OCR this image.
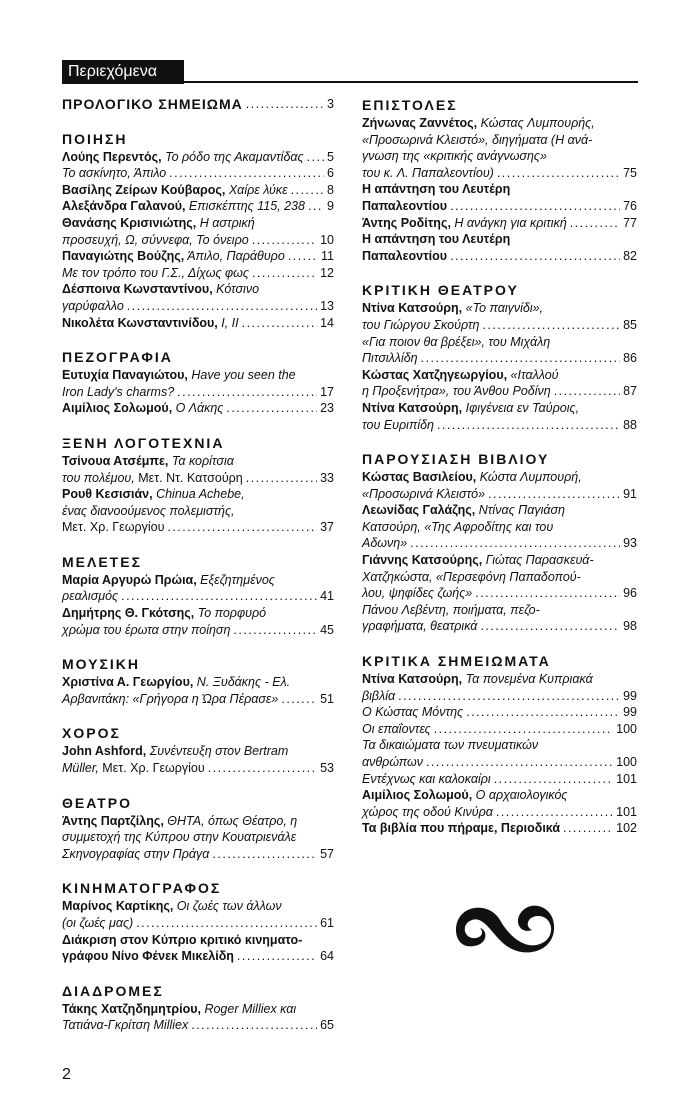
Περιεχόμενα
ΠΡΟΛΟΓΙΚΟ ΣΗΜΕΙΩΜΑ . . .	3
ΠΟΙΗΣΗ
Λούης Περεντός, Το ρόδο της Ακαμαντίδας . . . 5
Το ασκίνητο, Άπιλο . . .	6
Βασίλης Ζείρων Κούβαρος, Χαίρε λύκε . . .	8
Αλεξάνδρα Γαλανού, Επισκέπτης 115, 238 . . . 9
Θανάσης Κρισινιώτης, Η αστρική
προσευχή, Ω, σύννεφα, Το όνειρο . . .	10
Παναγιώτης Βούζης, Άπιλο, Παράθυρο . . .	11
Με τον τρόπο του Γ.Σ., Δίχως φως . . .	12
Δέσποινα Κωνσταντίνου, Κότσινο
γαρύφαλλο . . .	13
Νικολέτα Κωνσταντινίδου, I, II . . .	14
ΠΕΖΟΓΡΑΦΙΑ
Ευτυχία Παναγιώτου, Have you seen the
Iron Lady's charms? . . .	17
Αιμίλιος Σολωμού, Ο Λάκης . . .	23
ΞΕΝΗ ΛΟΓΟΤΕΧΝΙΑ
Τσίνουα Ατσέμπε, Τα κορίτσια
του πολέμου, Μετ. Ντ. Κατσούρη . . .	33
Ρουθ Κεσισιάν, Chinua Achebe,
ένας διανοούμενος πολεμιστής,
Μετ. Χρ. Γεωργίου . . .	37
ΜΕΛΕΤΕΣ
Μαρία Αργυρώ Πρώια, Εξεζητημένος
ρεαλισμός . . .	41
Δημήτρης Θ. Γκότσης, Το πορφυρό
χρώμα του έρωτα στην ποίηση . . .	45
ΜΟΥΣΙΚΗ
Χριστίνα Α. Γεωργίου, Ν. Ξυδάκης - Ελ.
Αρβανιτάκη: «Γρήγορα η Ώρα Πέρασε» . . .	51
ΧΟΡΟΣ
John Ashford, Συνέντευξη στον Bertram
Müller, Μετ. Χρ. Γεωργίου . . .	53
ΘΕΑΤΡΟ
Άντης Παρτζίλης, ΘΗΤΑ, όπως Θέατρο, η
συμμετοχή της Κύπρου στην Κουατριενάλε
Σκηνογραφίας στην Πράγα . . .	57
ΚΙΝΗΜΑΤΟΓΡΑΦΟΣ
Μαρίνος Καρτίκης, Οι ζωές των άλλων
(οι ζωές μας) . . .	61
Διάκριση στον Κύπριο κριτικό κινηματο-
γράφου Νίνο Φένεκ Μικελίδη . . .	64
ΔΙΑΔΡΟΜΕΣ
Τάκης Χατζηδημητρίου, Roger Milliex και
Τατιάνα-Γκρίτση Milliex . . .	65
ΕΠΙΣΤΟΛΕΣ
Ζήνωνας Ζαννέτος, Κώστας Λυμπουρής,
«Προσωρινά Κλειστό», διηγήματα (Η ανά-
γνωση της «κριτικής ανάγνωσης»
του κ. Λ. Παπαλεοντίου) . . .	75
Η απάντηση του Λευτέρη
Παπαλεοντίου . . .	76
Άντης Ροδίτης, Η ανάγκη για κριτική . . .	77
Η απάντηση του Λευτέρη
Παπαλεοντίου . . .	82
ΚΡΙΤΙΚΗ ΘΕΑΤΡΟΥ
Ντίνα Κατσούρη, «Το παιγνίδι»,
του Γιώργου Σκούρτη . . .	85
«Για ποιον θα βρέξει», του Μιχάλη
Πιτσιλλίδη . . .	86
Κώστας Χατζηγεωργίου, «Ιταλλού
η Προξενήτρα», του Άνθου Ροδίνη . . .	87
Ντίνα Κατσούρη, Ιφιγένεια εν Ταύροις,
του Ευριπίδη . . .	88
ΠΑΡΟΥΣΙΑΣΗ ΒΙΒΛΙΟΥ
Κώστας Βασιλείου, Κώστα Λυμπουρή,
«Προσωρινά Κλειστό» . . .	91
Λεωνίδας Γαλάζης, Ντίνας Παγιάση
Κατσούρη, «Της Αφροδίτης και του
Αδωνη» . . .	93
Γιάννης Κατσούρης, Γιώτας Παρασκευά-
Χατζηκώστα, «Περσεφόνη Παπαδοπού-
λου, ψηφίδες ζωής» . . .	96
Πάνου Λεβέντη, ποιήματα, πεζο-
γραφήματα, θεατρικά . . .	98
ΚΡΙΤΙΚΑ ΣΗΜΕΙΩΜΑΤΑ
Ντίνα Κατσούρη, Τα πονεμένα Κυπριακά
βιβλία . . .	99
Ο Κώστας Μόντης . . .	99
Οι επαΐοντες . . .	100
Τα δικαιώματα των πνευματικών
ανθρώπων . . .	100
Εντέχνως και καλοκαίρι . . .	101
Αιμίλιος Σολωμού, Ο αρχαιολογικός
χώρος της οδού Κινύρα . . .	101
Τα βιβλία που πήραμε, Περιοδικά . . .	102
2
